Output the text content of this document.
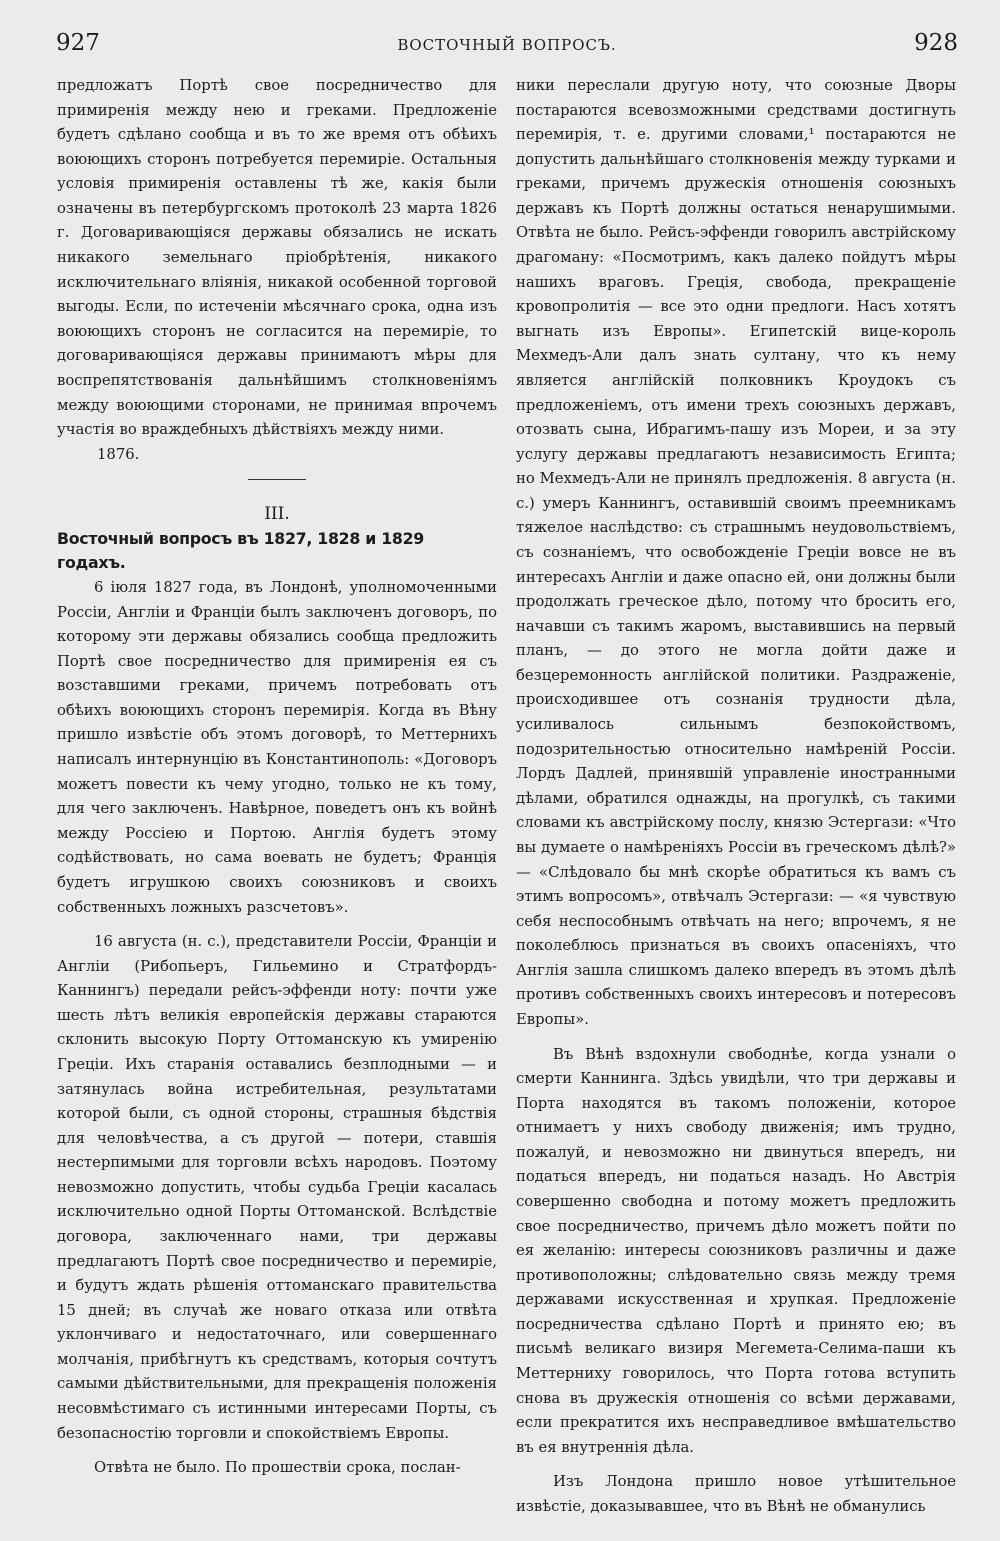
927	ВОСТОЧНЫЙ ВОПРОСЪ.	928

предложатъ Портѣ свое посредничество для примиренія между нею и греками. Предложеніе будетъ сдѣлано сообща и въ то же время отъ обѣихъ воюющихъ сторонъ потребуется перемиріе. Остальныя условія примиренія оставлены тѣ же, какія были означены въ петербургскомъ протоколѣ 23 марта 1826 г. Договаривающіяся державы обязались не искать никакого земельнаго пріобрѣтенія, никакого исключительнаго вліянія, никакой особенной торговой выгоды. Если, по истеченіи мѣсячнаго срока, одна изъ воюющихъ сторонъ не согласится на перемиріе, то договаривающіяся державы принимаютъ мѣры для воспрепятствованія дальнѣйшимъ столкновеніямъ между воюющими сторонами, не принимая впрочемъ участія во враждебныхъ дѣйствіяхъ между ними.

1876.

III.

Восточный вопросъ въ 1827, 1828 и 1829 годахъ.

6 іюля 1827 года, въ Лондонѣ, уполномоченными Россіи, Англіи и Франціи былъ заключенъ договоръ, по которому эти державы обязались сообща предложить Портѣ свое посредничество для примиренія ея съ возставшими греками, причемъ потребовать отъ обѣихъ воюющихъ сторонъ перемирія. Когда въ Вѣну пришло извѣстіе объ этомъ договорѣ, то Меттернихъ написалъ интернунцію въ Константинополь: «Договоръ можетъ повести къ чему угодно, только не къ тому, для чего заключенъ. Навѣрное, поведетъ онъ къ войнѣ между Россіею и Портою. Англія будетъ этому содѣйствовать, но сама воевать не будетъ; Франція будетъ игрушкою своихъ союзниковъ и своихъ собственныхъ ложныхъ разсчетовъ».

16 августа (н. с.), представители Россіи, Франціи и Англіи (Рибопьеръ, Гильемино и Стратфордъ-Каннингъ) передали рейсъ-эффенди ноту: почти уже шесть лѣтъ великія европейскія державы стараются склонить высокую Порту Оттоманскую къ умиренію Греціи. Ихъ старанія оставались безплодными — и затянулась война истребительная, результатами которой были, съ одной стороны, страшныя бѣдствія для человѣчества, а съ другой — потери, ставшія нестерпимыми для торговли всѣхъ народовъ. Поэтому невозможно допустить, чтобы судьба Греціи касалась исключительно одной Порты Оттоманской. Вслѣдствіе договора, заключеннаго нами, три державы предлагаютъ Портѣ свое посредничество и перемиріе, и будутъ ждать рѣшенія оттоманскаго правительства 15 дней; въ случаѣ же новаго отказа или отвѣта уклончиваго и недостаточнаго, или совершеннаго молчанія, прибѣгнутъ къ средствамъ, которыя сочтутъ самыми дѣйствительными, для прекращенія положенія несовмѣстимаго съ истинными интересами Порты, съ безопасностію торговли и спокойствіемъ Европы.

Отвѣта не было. По прошествіи срока, послан-

ники переслали другую ноту, что союзные Дворы постараются всевозможными средствами достигнуть перемирія, т. е. другими словами,¹ постараются не допустить дальнѣйшаго столкновенія между турками и греками, причемъ дружескія отношенія союзныхъ державъ къ Портѣ должны остаться ненарушимыми. Отвѣта не было. Рейсъ-эффенди говорилъ австрійскому драгоману: «Посмотримъ, какъ далеко пойдутъ мѣры нашихъ враговъ. Греція, свобода, прекращеніе кровопролитія — все это одни предлоги. Насъ хотятъ выгнать изъ Европы». Египетскій вице-король Мехмедъ-Али далъ знать султану, что къ нему является англійскій полковникъ Кроудокъ съ предложеніемъ, отъ имени трехъ союзныхъ державъ, отозвать сына, Ибрагимъ-пашу изъ Мореи, и за эту услугу державы предлагаютъ независимость Египта; но Мехмедъ-Али не принялъ предложенія. 8 августа (н. с.) умеръ Каннингъ, оставившій своимъ преемникамъ тяжелое наслѣдство: съ страшнымъ неудовольствіемъ, съ сознаніемъ, что освобожденіе Греціи вовсе не въ интересахъ Англіи и даже опасно ей, они должны были продолжать греческое дѣло, потому что бросить его, начавши съ такимъ жаромъ, выставившись на первый планъ, — до этого не могла дойти даже и безцеремонность англійской политики. Раздраженіе, происходившее отъ сознанія трудности дѣла, усиливалось сильнымъ безпокойствомъ, подозрительностью относительно намѣреній Россіи. Лордъ Дадлей, принявшій управленіе иностранными дѣлами, обратился однажды, на прогулкѣ, съ такими словами къ австрійскому послу, князю Эстергази: «Что вы думаете о намѣреніяхъ Россіи въ греческомъ дѣлѣ?» — «Слѣдовало бы мнѣ скорѣе обратиться къ вамъ съ этимъ вопросомъ», отвѣчалъ Эстергази: — «я чувствую себя неспособнымъ отвѣчать на него; впрочемъ, я не поколеблюсь признаться въ своихъ опасеніяхъ, что Англія зашла слишкомъ далеко впередъ въ этомъ дѣлѣ противъ собственныхъ своихъ интересовъ и потересовъ Европы».

Въ Вѣнѣ вздохнули свободнѣе, когда узнали о смерти Каннинга. Здѣсь увидѣли, что три державы и Порта находятся въ такомъ положеніи, которое отнимаетъ у нихъ свободу движенія; имъ трудно, пожалуй, и невозможно ни двинуться впередъ, ни податься впередъ, ни податься назадъ. Но Австрія совершенно свободна и потому можетъ предложить свое посредничество, причемъ дѣло можетъ пойти по ея желанію: интересы союзниковъ различны и даже противоположны; слѣдовательно связь между тремя державами искусственная и хрупкая. Предложеніе посредничества сдѣлано Портѣ и принято ею; въ письмѣ великаго визиря Мегемета-Селима-паши къ Меттерниху говорилось, что Порта готова вступить снова въ дружескія отношенія со всѣми державами, если прекратится ихъ несправедливое вмѣшательство въ ея внутреннія дѣла.

Изъ Лондона пришло новое утѣшительное извѣстіе, доказывавшее, что въ Вѣнѣ не обманулись
